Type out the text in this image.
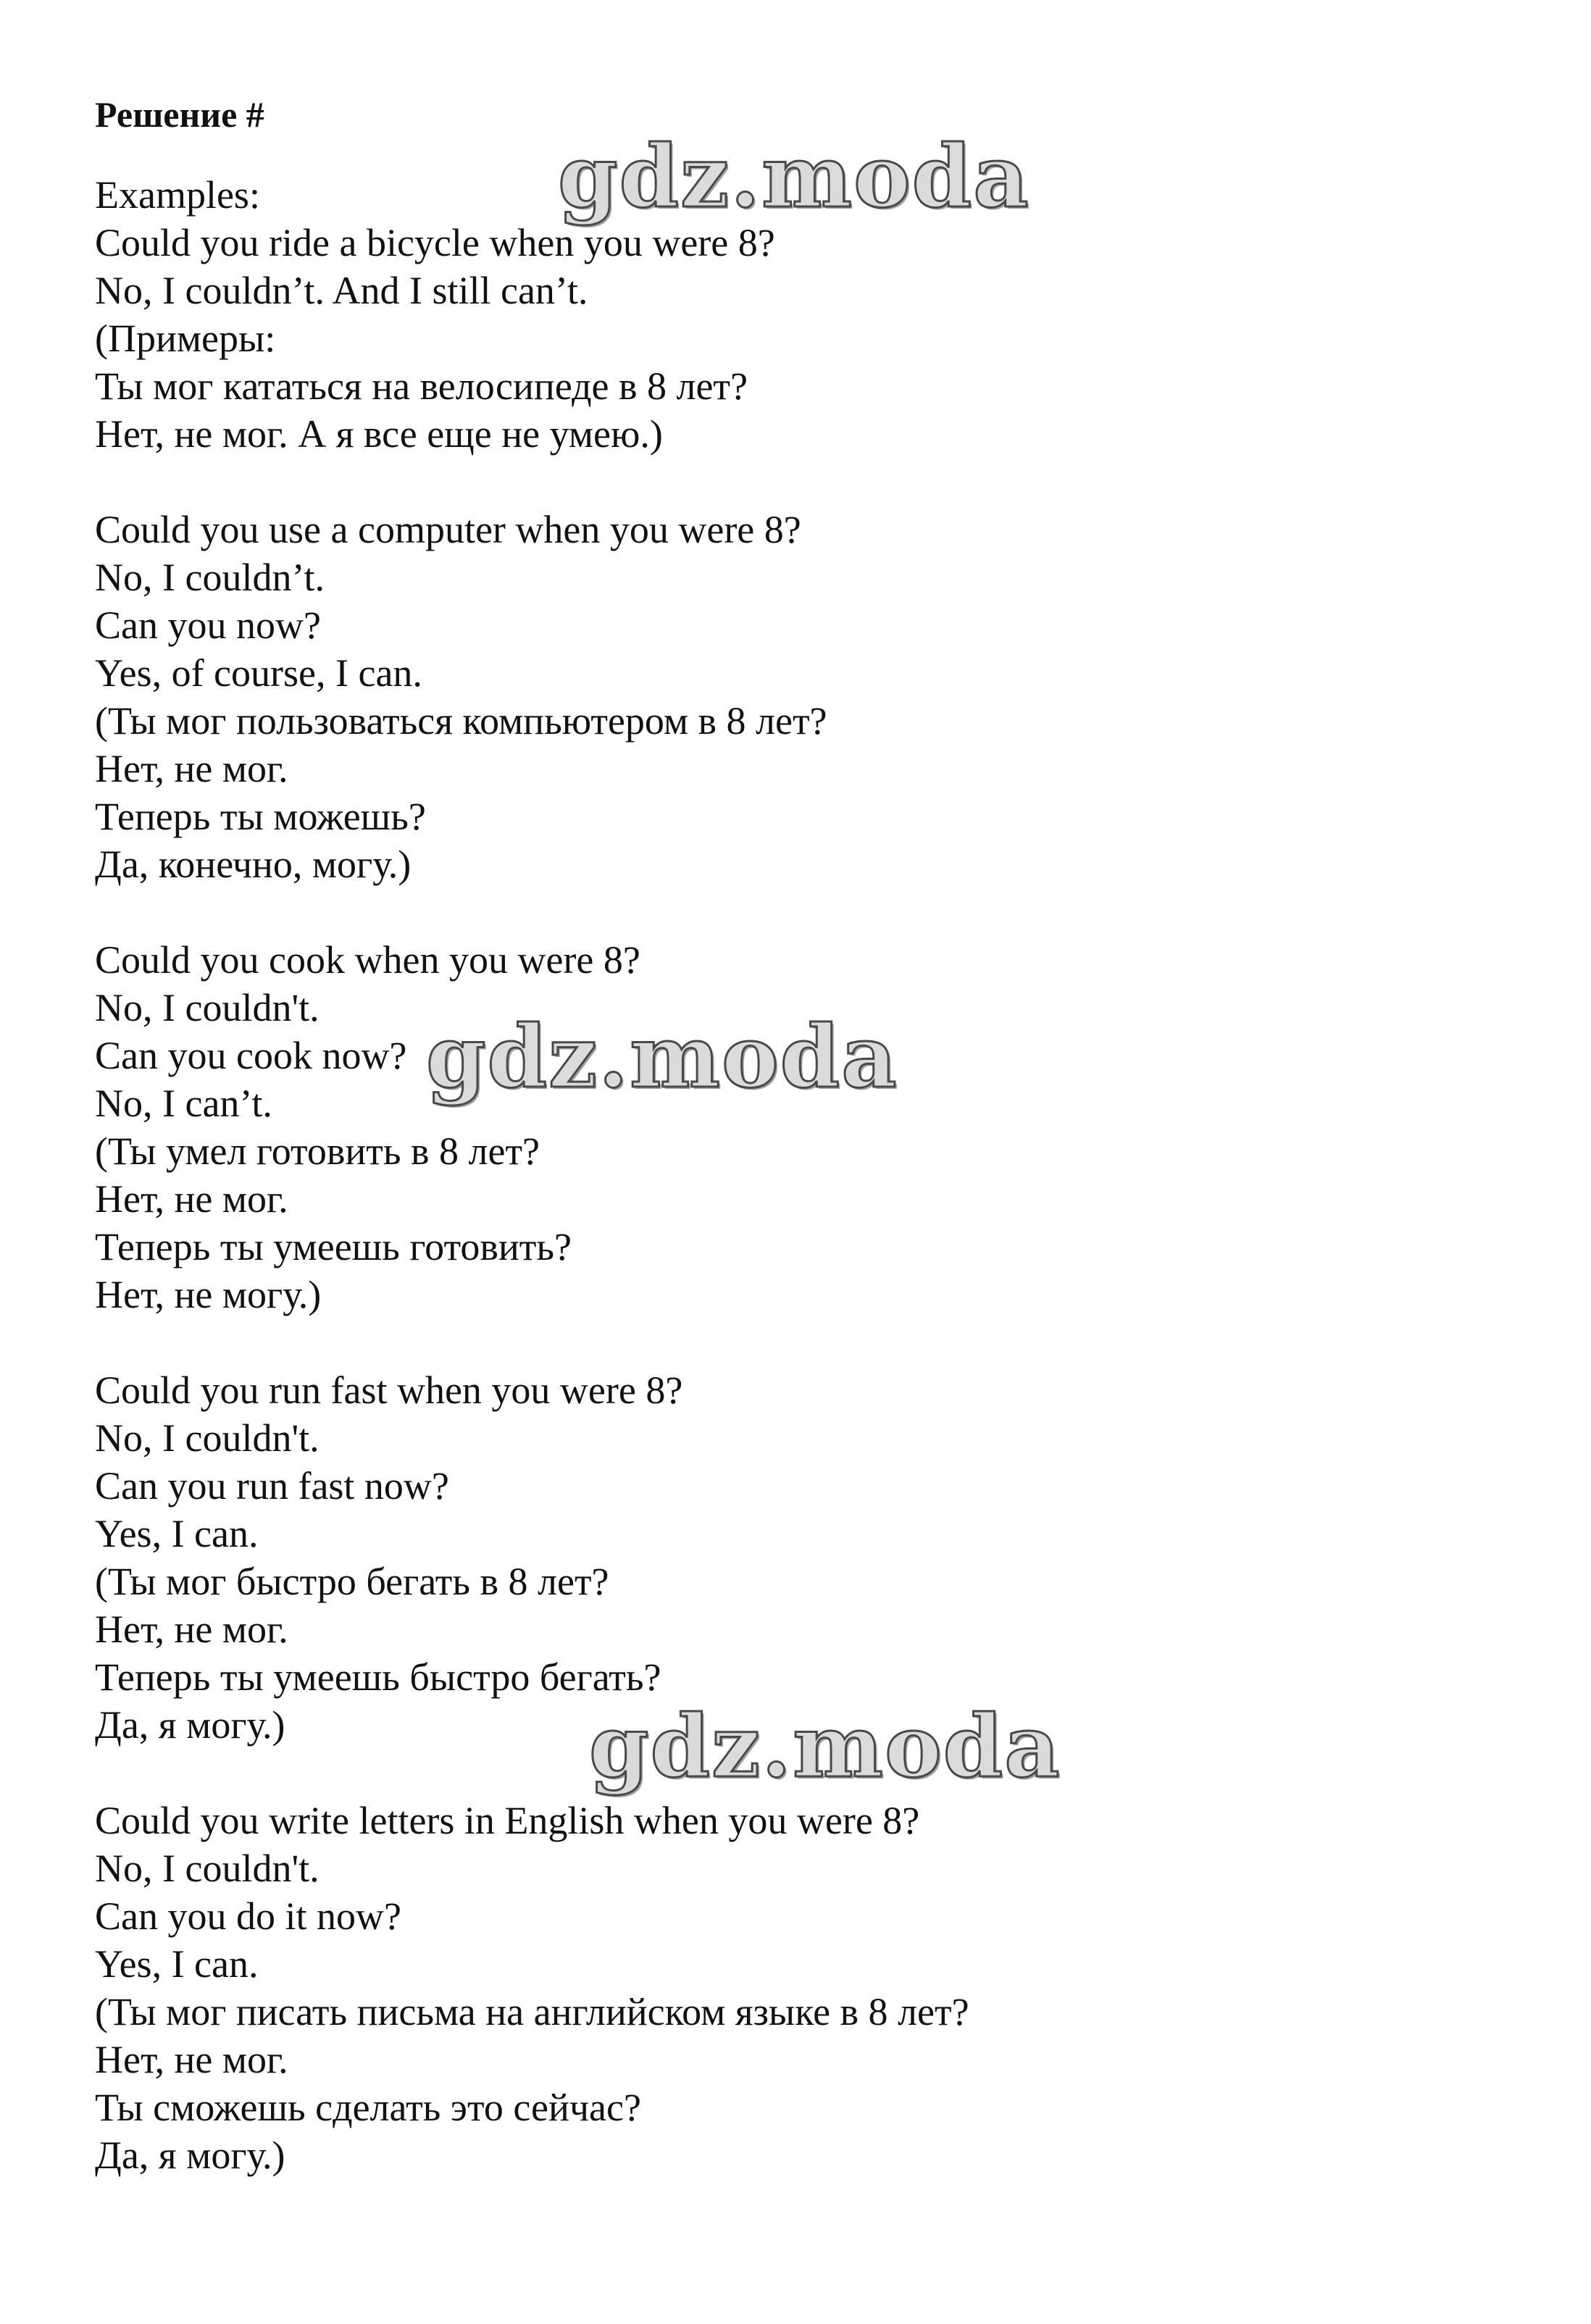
Решение #

Examples:

Could you ride a bicycle when you were 8?

No, I couldn’t. And I still can’t.

(Примеры:

Ты мог кататься на велосипеде в 8 лет?

Нет, не мог. А я все еще не умею.)

Could you use a computer when you were 8?

No, I couldn’t.

Can you now?

Yes, of course, I can.

(Ты мог пользоваться компьютером в 8 лет?

Нет, не мог.

Теперь ты можешь?

Да, конечно, могу.)

Could you cook when you were 8?

No, I couldn't.

Can you cook now?

No, I can’t.

(Ты умел готовить в 8 лет?

Нет, не мог.

Теперь ты умеешь готовить?

Нет, не могу.)

Could you run fast when you were 8?

No, I couldn't.

Can you run fast now?

Yes, I can.

(Ты мог быстро бегать в 8 лет?

Нет, не мог.

Теперь ты умеешь быстро бегать?

Да, я могу.)

Could you write letters in English when you were 8?

No, I couldn't.

Can you do it now?

Yes, I can.

(Ты мог писать письма на английском языке в 8 лет?

Нет, не мог.

Ты сможешь сделать это сейчас?

Да, я могу.)

gdz.moda
gdz.moda
gdz.moda
